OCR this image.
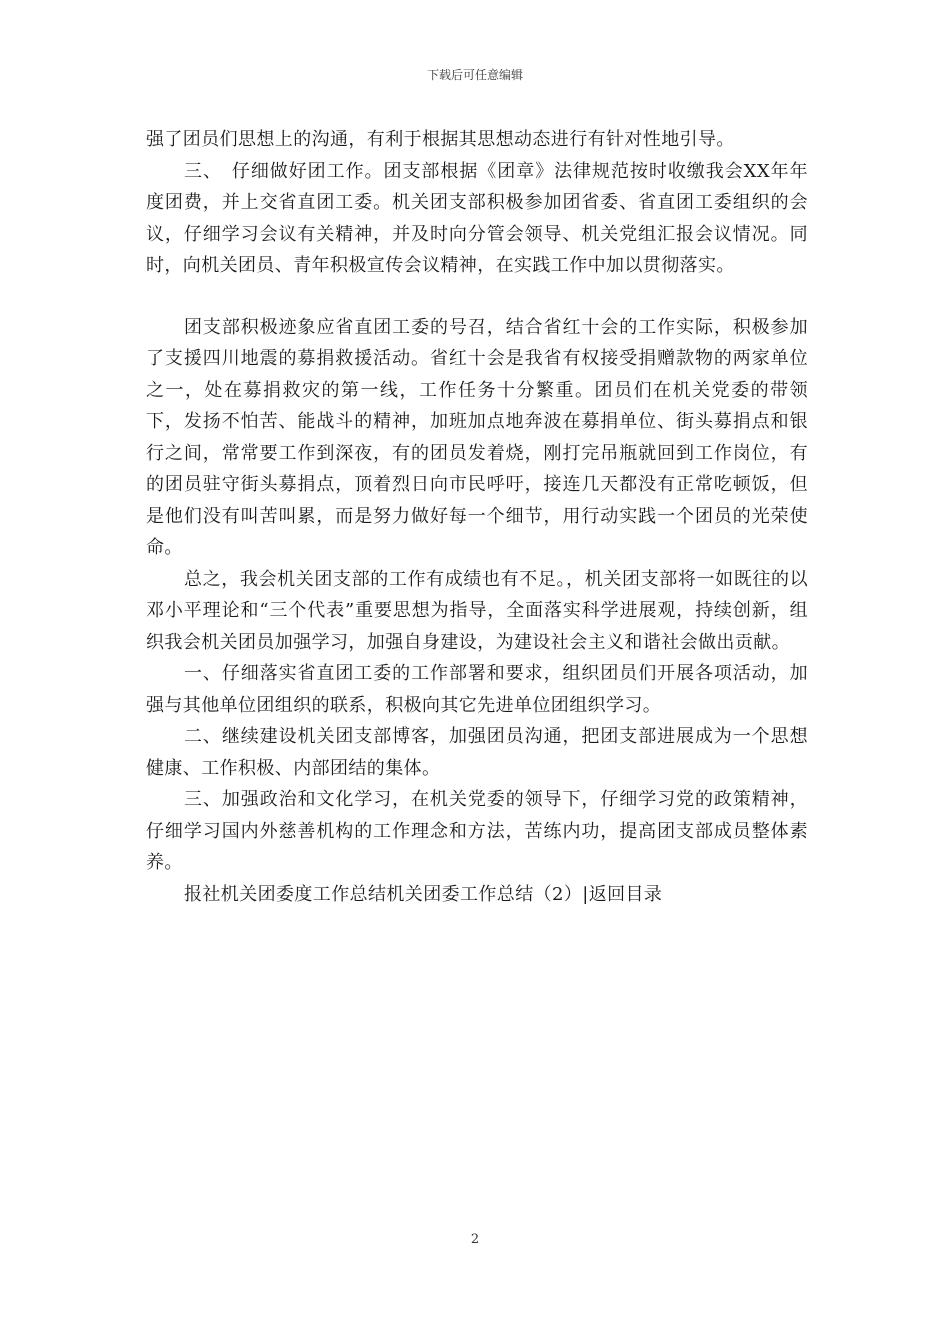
下载后可任意编辑

强了团员们思想上的沟通，有利于根据其思想动态进行有针对性地引导。

三、　仔细做好团工作。团支部根据《团章》法律规范按时收缴我会XX年年度团费，并上交省直团工委。机关团支部积极参加团省委、省直团工委组织的会议，仔细学习会议有关精神，并及时向分管会领导、机关党组汇报会议情况。同时，向机关团员、青年积极宣传会议精神，在实践工作中加以贯彻落实。

团支部积极迹象应省直团工委的号召，结合省红十会的工作实际，积极参加了支援四川地震的募捐救援活动。省红十会是我省有权接受捐赠款物的两家单位之一，处在募捐救灾的第一线，工作任务十分繁重。团员们在机关党委的带领下，发扬不怕苦、能战斗的精神，加班加点地奔波在募捐单位、街头募捐点和银行之间，常常要工作到深夜，有的团员发着烧，刚打完吊瓶就回到工作岗位，有的团员驻守街头募捐点，顶着烈日向市民呼吁，接连几天都没有正常吃顿饭，但是他们没有叫苦叫累，而是努力做好每一个细节，用行动实践一个团员的光荣使命。

总之，我会机关团支部的工作有成绩也有不足。，机关团支部将一如既往的以邓小平理论和“三个代表”重要思想为指导，全面落实科学进展观，持续创新，组织我会机关团员加强学习，加强自身建设，为建设社会主义和谐社会做出贡献。

一、仔细落实省直团工委的工作部署和要求，组织团员们开展各项活动，加强与其他单位团组织的联系，积极向其它先进单位团组织学习。

二、继续建设机关团支部博客，加强团员沟通，把团支部进展成为一个思想健康、工作积极、内部团结的集体。

三、加强政治和文化学习，在机关党委的领导下，仔细学习党的政策精神，仔细学习国内外慈善机构的工作理念和方法，苦练内功，提高团支部成员整体素养。

报社机关团委度工作总结机关团委工作总结（2）|返回目录

2
